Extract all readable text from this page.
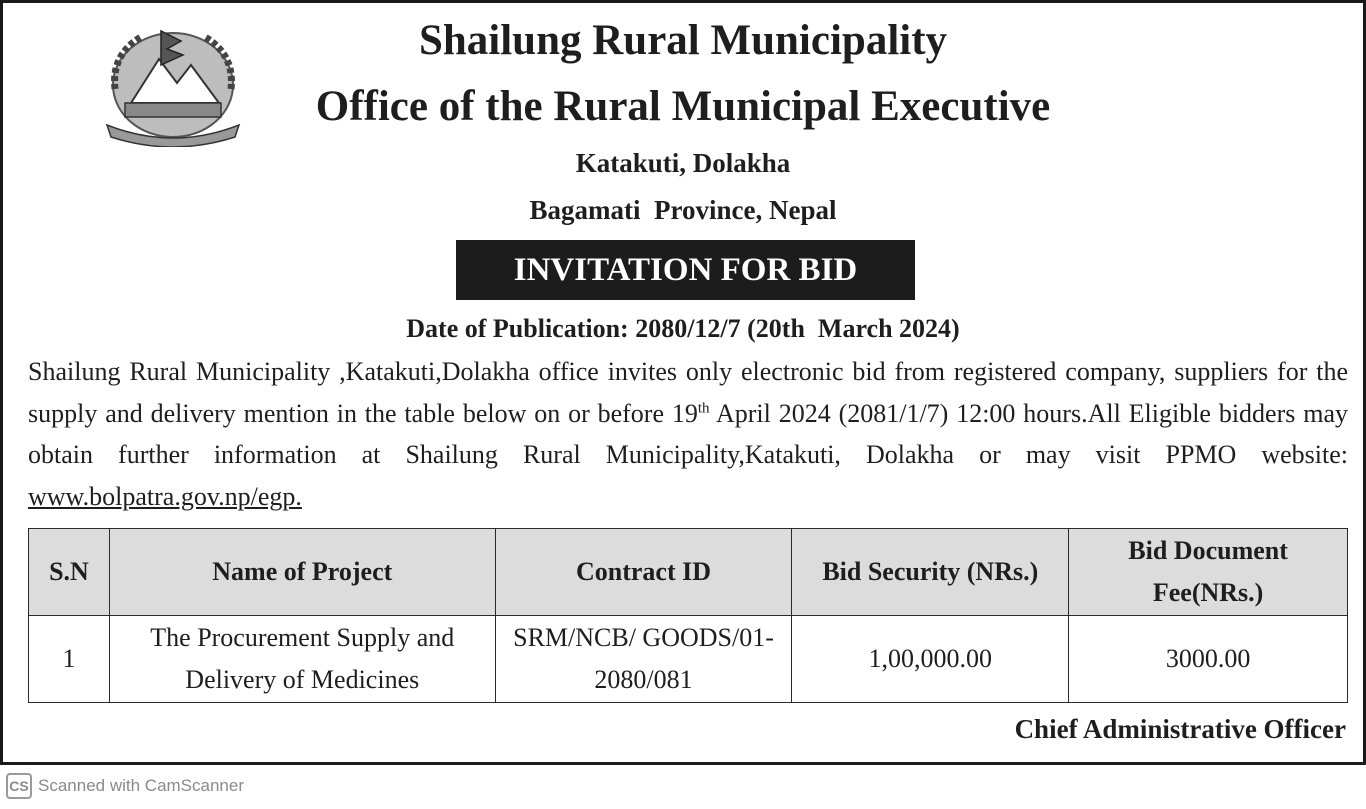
Shailung Rural Municipality
Office of the Rural Municipal Executive
Katakuti, Dolakha
Bagamati  Province, Nepal
INVITATION FOR BID
Date of Publication: 2080/12/7 (20th  March 2024)
Shailung Rural Municipality ,Katakuti,Dolakha office invites only electronic bid from registered company, suppliers for the supply and delivery mention in the table below on or before 19th April 2024 (2081/1/7) 12:00 hours.All Eligible bidders may obtain further information at Shailung Rural Municipality,Katakuti, Dolakha or may visit PPMO website: www.bolpatra.gov.np/egp.
S.N	Name of Project	Contract ID	Bid Security (NRs.)	Bid Document Fee(NRs.)
1	The Procurement Supply and Delivery of Medicines	SRM/NCB/ GOODS/01-2080/081	1,00,000.00	3000.00
Chief Administrative Officer
CS Scanned with CamScanner
